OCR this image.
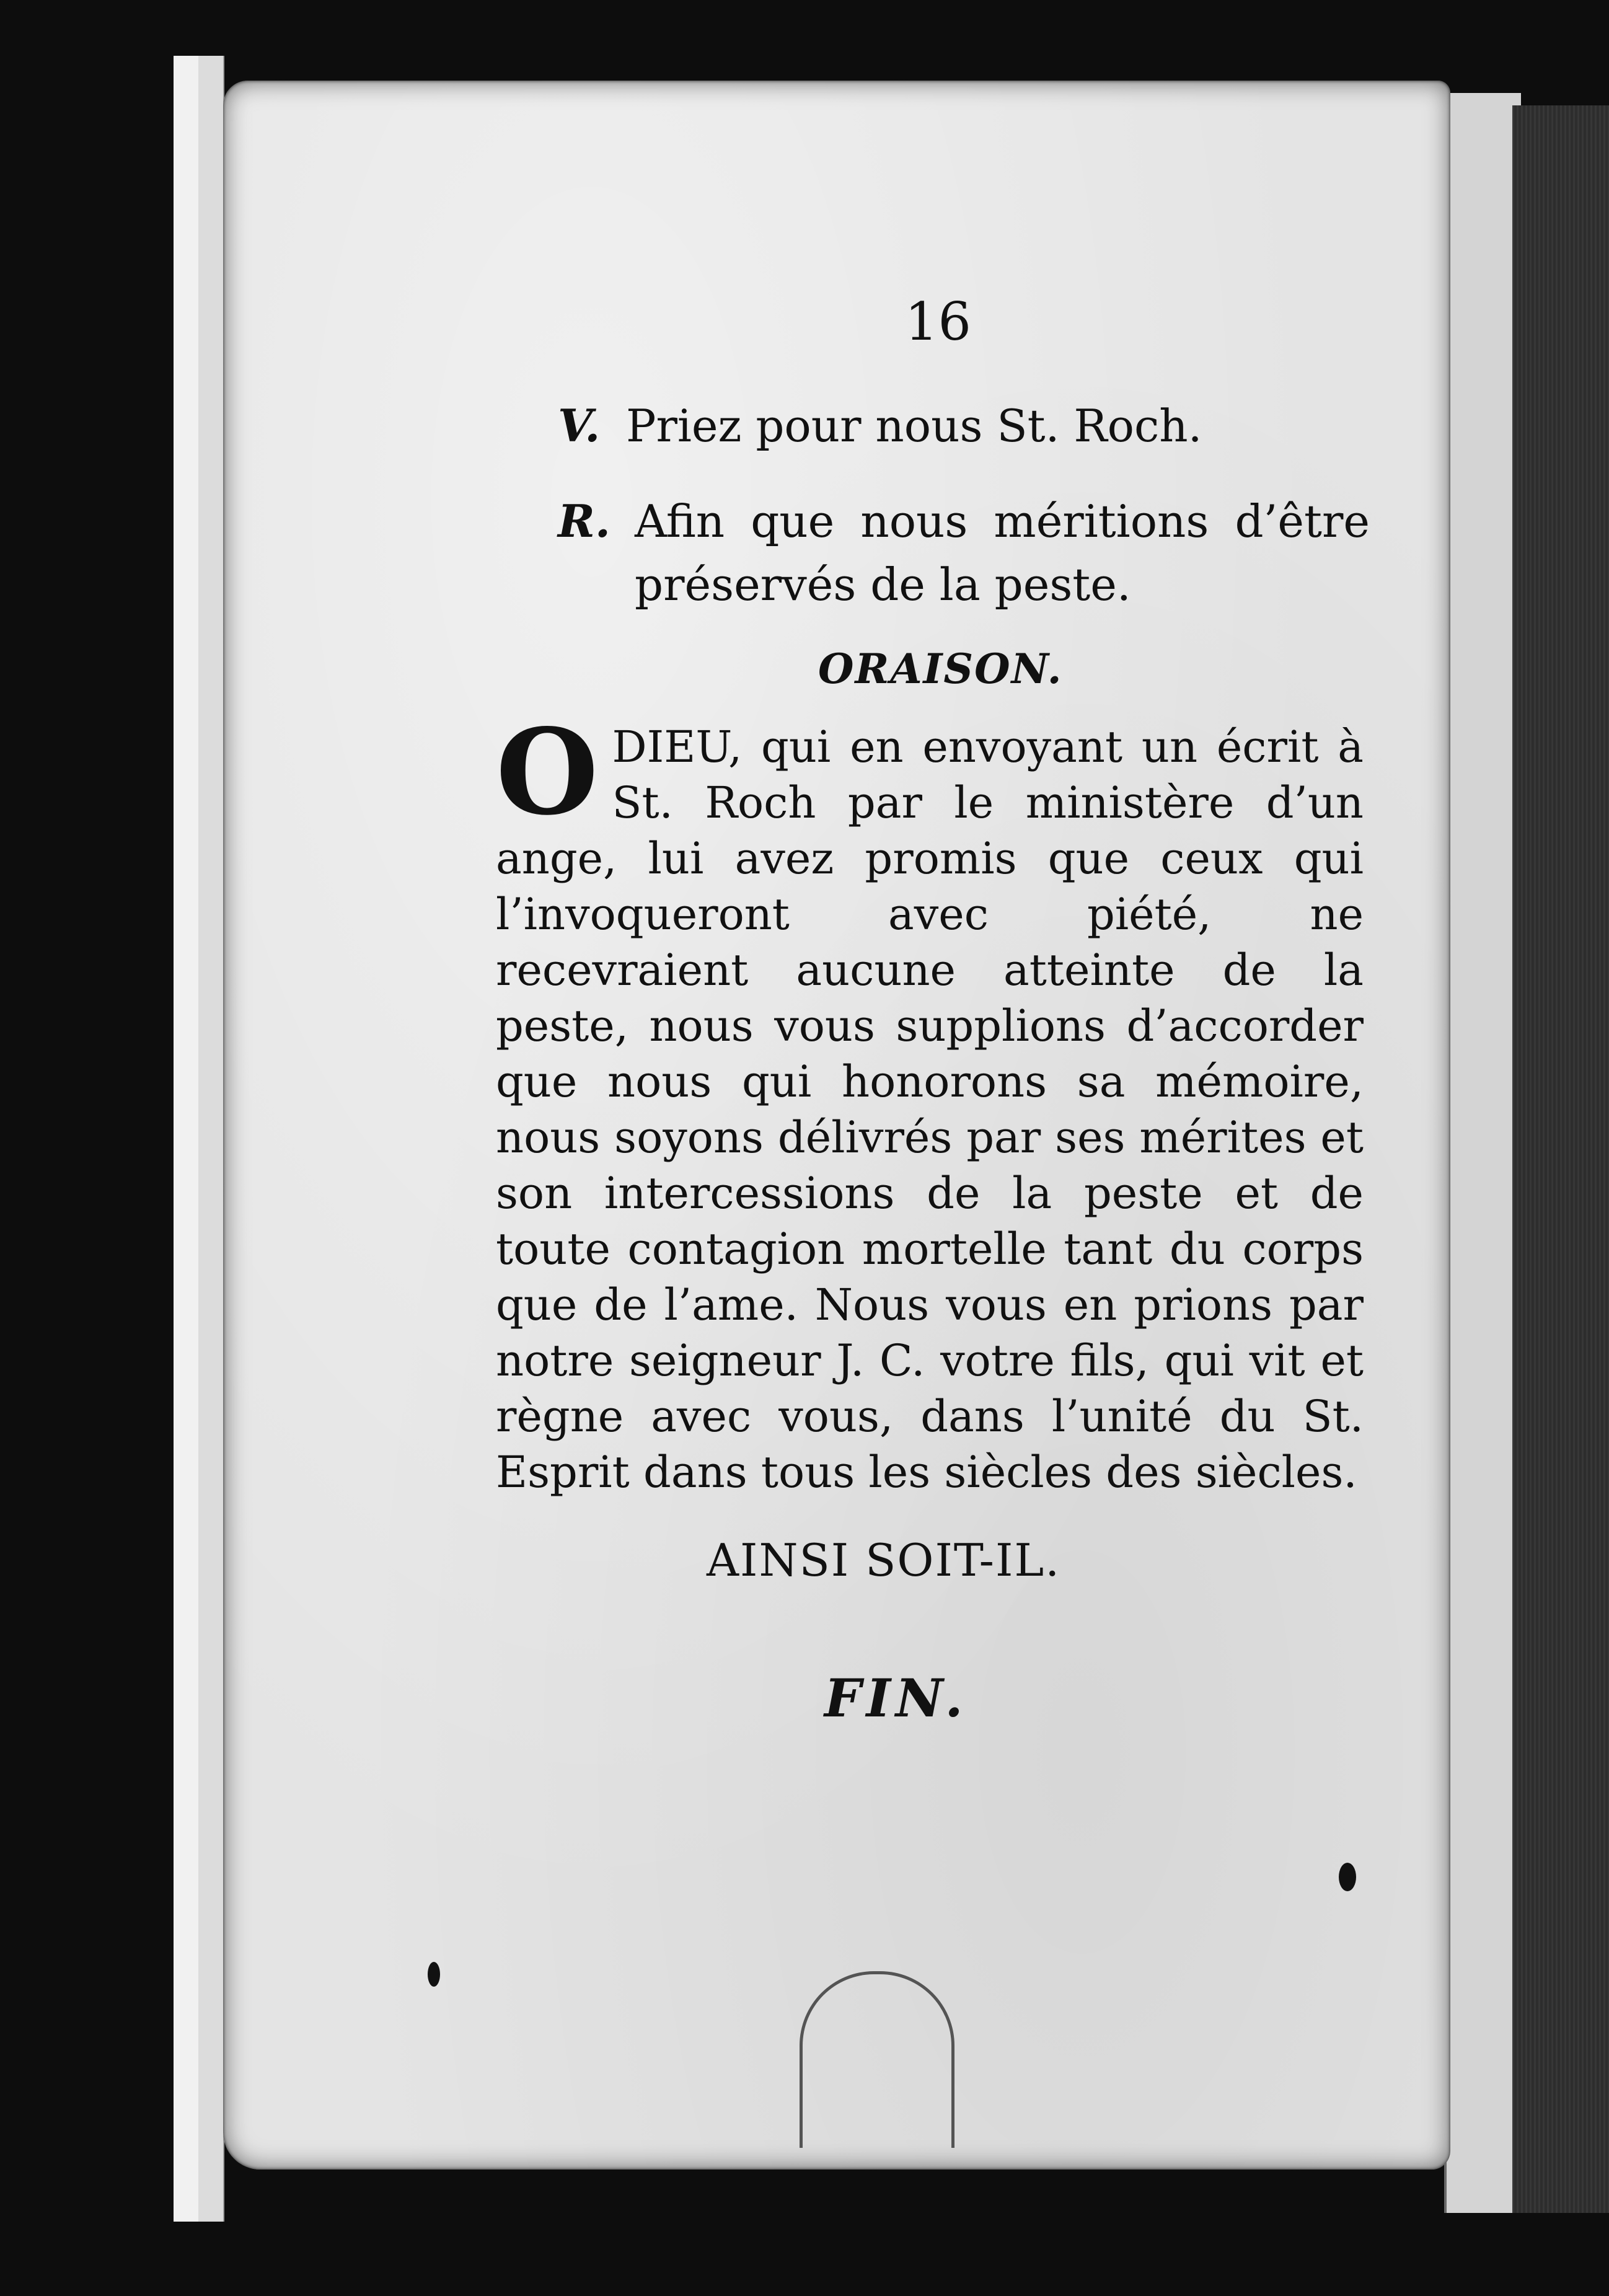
16
V. Priez pour nous St. Roch.
R. Afin que nous méritions d’être préservés de la peste.
ORAISON.
ODIEU, qui en envoyant un écrit à St. Roch par le ministère d’un ange, lui avez promis que ceux qui l’invoqueront avec piété, ne recevraient aucune atteinte de la peste, nous vous supplions d’accorder que nous qui honorons sa mémoire, nous soyons délivrés par ses mérites et son intercessions de la peste et de toute contagion mortelle tant du corps que de l’ame. Nous vous en prions par notre seigneur J. C. votre fils, qui vit et règne avec vous, dans l’unité du St. Esprit dans tous les siècles des siècles.
AINSI SOIT-IL.
FIN.
